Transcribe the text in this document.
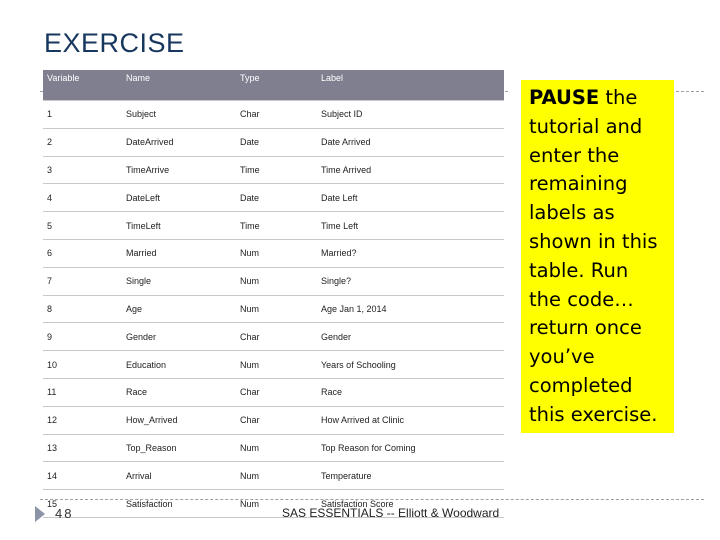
EXERCISE
Variable	Name	Type	Label
1	Subject	Char	Subject ID
2	DateArrived	Date	Date Arrived
3	TimeArrive	Time	Time Arrived
4	DateLeft	Date	Date Left
5	TimeLeft	Time	Time Left
6	Married	Num	Married?
7	Single	Num	Single?
8	Age	Num	Age Jan 1, 2014
9	Gender	Char	Gender
10	Education	Num	Years of Schooling
11	Race	Char	Race
12	How_Arrived	Char	How Arrived at Clinic
13	Top_Reason	Num	Top Reason for Coming
14	Arrival	Num	Temperature
15	Satisfaction	Num	Satisfaction Score
PAUSE the tutorial and enter the remaining labels as shown in this table. Run the code… return once you’ve completed this exercise.
48	SAS ESSENTIALS -- Elliott & Woodward
